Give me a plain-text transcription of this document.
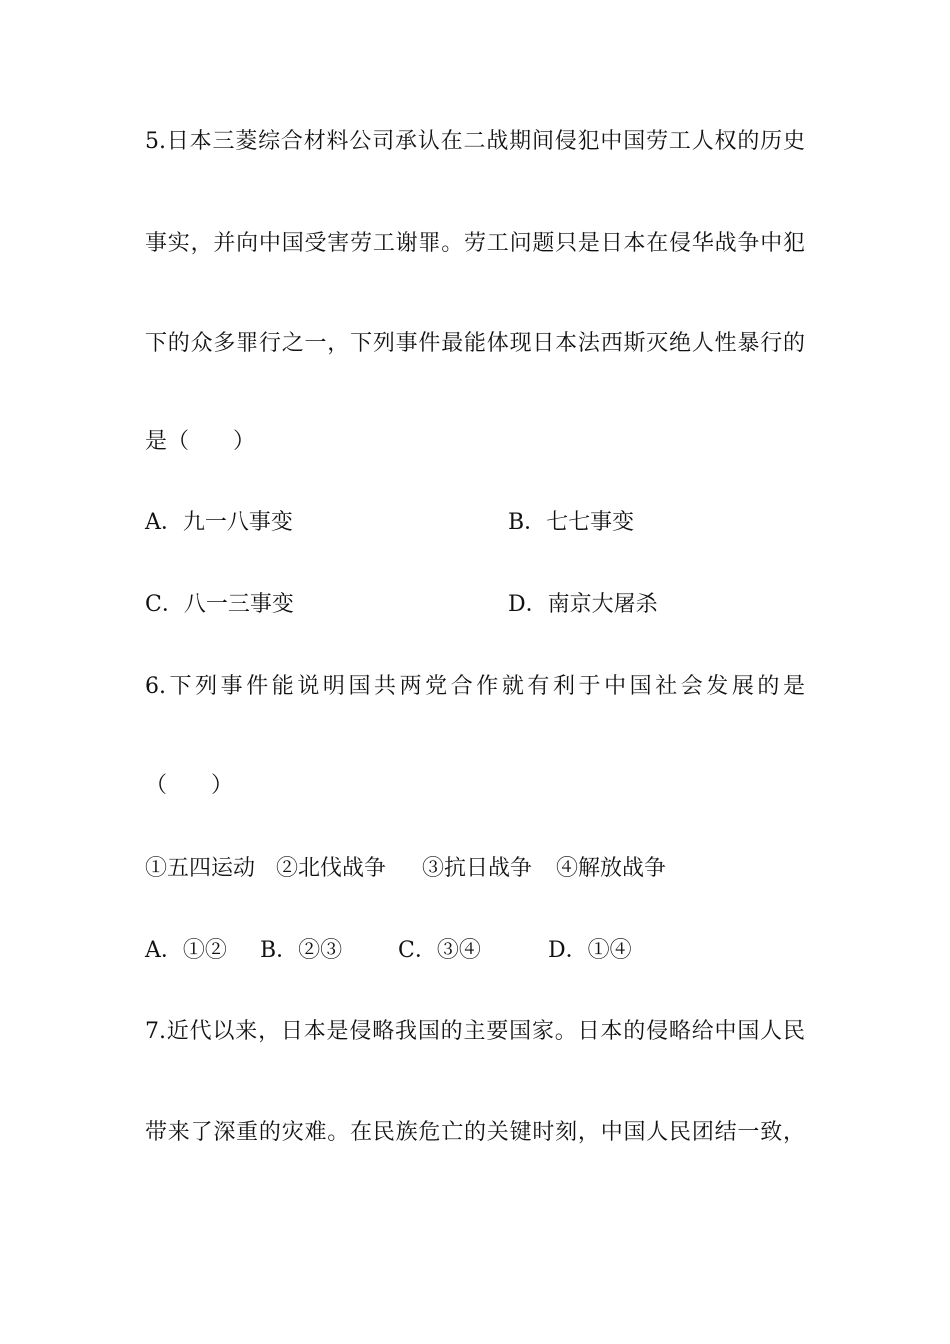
5.日本三菱综合材料公司承认在二战期间侵犯中国劳工人权的历史
事实，并向中国受害劳工谢罪。劳工问题只是日本在侵华战争中犯
下的众多罪行之一，下列事件最能体现日本法西斯灭绝人性暴行的
是（　　）
A．九一八事变	B．七七事变
C．八一三事变	D．南京大屠杀
6.下列事件能说明国共两党合作就有利于中国社会发展的是
（　　）
①五四运动 ②北伐战争 ③抗日战争 ④解放战争
A．①② B．②③	C．③④	D．①④
7.近代以来，日本是侵略我国的主要国家。日本的侵略给中国人民
带来了深重的灾难。在民族危亡的关键时刻，中国人民团结一致，
